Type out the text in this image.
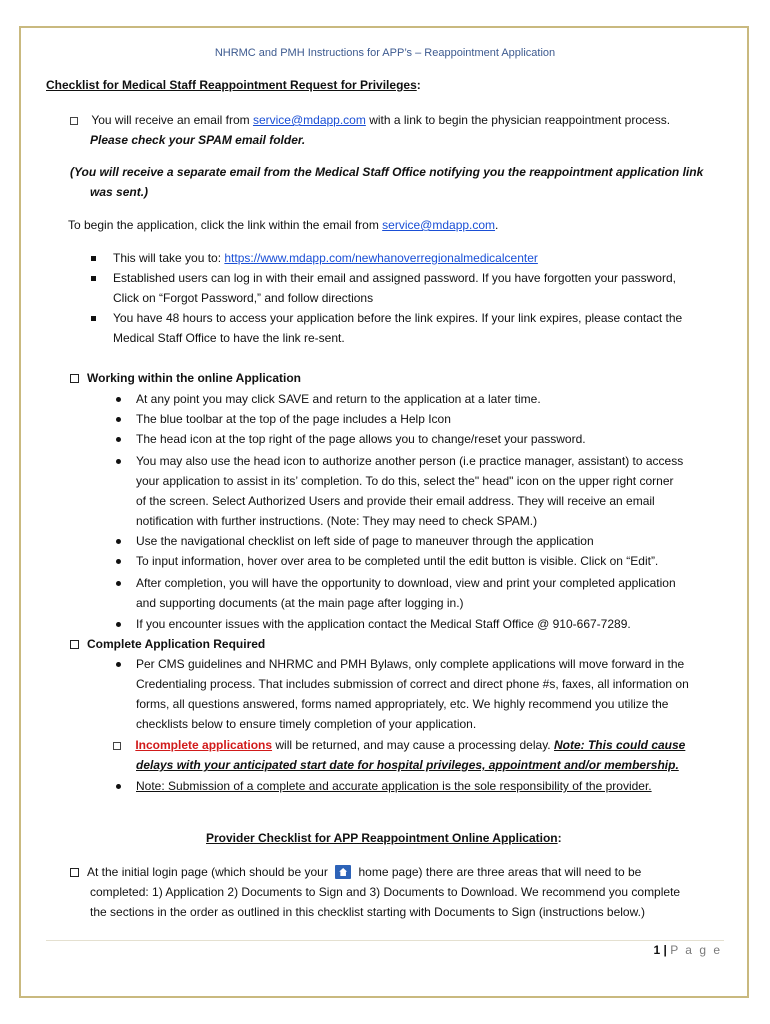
NHRMC and PMH Instructions for APP’s – Reappointment Application
Checklist for Medical Staff Reappointment Request for Privileges:
You will receive an email from service@mdapp.com with a link to begin the physician reappointment process.
Please check your SPAM email folder.
(You will receive a separate email from the Medical Staff Office notifying you the reappointment application link
was sent.)
To begin the application, click the link within the email from service@mdapp.com.
This will take you to: https://www.mdapp.com/newhanoverregionalmedicalcenter
Established users can log in with their email and assigned password. If you have forgotten your password,
Click on “Forgot Password,” and follow directions
You have 48 hours to access your application before the link expires. If your link expires, please contact the
Medical Staff Office to have the link re-sent.
Working within the online Application
At any point you may click SAVE and return to the application at a later time.
The blue toolbar at the top of the page includes a Help Icon
The head icon at the top right of the page allows you to change/reset your password.
You may also use the head icon to authorize another person (i.e practice manager, assistant) to access
your application to assist in its’ completion. To do this, select the" head" icon on the upper right corner
of the screen. Select Authorized Users and provide their email address. They will receive an email
notification with further instructions. (Note: They may need to check SPAM.)
Use the navigational checklist on left side of page to maneuver through the application
To input information, hover over area to be completed until the edit button is visible. Click on “Edit”.
After completion, you will have the opportunity to download, view and print your completed application
and supporting documents (at the main page after logging in.)
If you encounter issues with the application contact the Medical Staff Office @ 910-667-7289.
Complete Application Required
Per CMS guidelines and NHRMC and PMH Bylaws, only complete applications will move forward in the
Credentialing process. That includes submission of correct and direct phone #s, faxes, all information on
forms, all questions answered, forms named appropriately, etc. We highly recommend you utilize the
checklists below to ensure timely completion of your application.
Incomplete applications will be returned, and may cause a processing delay. Note: This could cause
delays with your anticipated start date for hospital privileges, appointment and/or membership.
Note: Submission of a complete and accurate application is the sole responsibility of the provider.
Provider Checklist for APP Reappointment Online Application:
At the initial login page (which should be your  home page) there are three areas that will need to be
completed: 1) Application 2) Documents to Sign and 3) Documents to Download. We recommend you complete
the sections in the order as outlined in this checklist starting with Documents to Sign (instructions below.)
1 | P a g e
